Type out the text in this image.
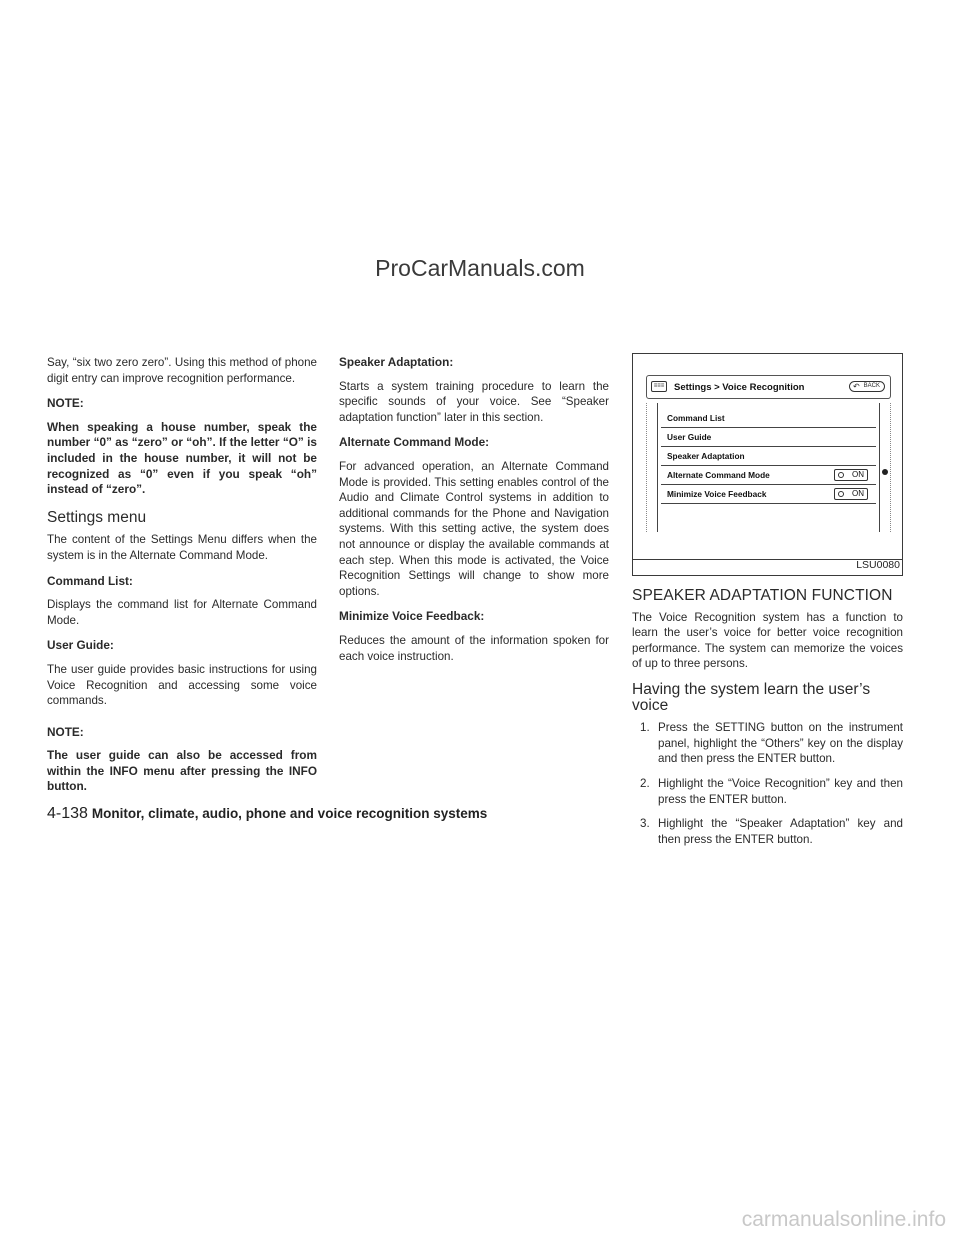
ProCarManuals.com
Say, “six two zero zero”. Using this method of phone digit entry can improve recognition performance.
NOTE:
When speaking a house number, speak the number “0” as “zero” or “oh”. If the letter “O” is included in the house number, it will not be recognized as “0” even if you speak “oh” instead of “zero”.
Settings menu
The content of the Settings Menu differs when the system is in the Alternate Command Mode.
Command List:
Displays the command list for Alternate Command Mode.
User Guide:
The user guide provides basic instructions for using Voice Recognition and accessing some voice commands.
NOTE:
The user guide can also be accessed from within the INFO menu after pressing the INFO button.
Speaker Adaptation:
Starts a system training procedure to learn the specific sounds of your voice. See “Speaker adaptation function” later in this section.
Alternate Command Mode:
For advanced operation, an Alternate Command Mode is provided. This setting enables control of the Audio and Climate Control systems in addition to additional commands for the Phone and Navigation systems. With this setting active, the system does not announce or display the available commands at each step. When this mode is activated, the Voice Recognition Settings will change to show more options.
Minimize Voice Feedback:
Reduces the amount of the information spoken for each voice instruction.
≡≡≡ Settings > Voice Recognition	↶ BACK
Command List
User Guide
Speaker Adaptation
Alternate Command Mode	ON
Minimize Voice Feedback	ON
LSU0080
SPEAKER ADAPTATION FUNCTION
The Voice Recognition system has a function to learn the user’s voice for better voice recognition performance. The system can memorize the voices of up to three persons.
Having the system learn the user’s voice
1. Press the SETTING button on the instrument panel, highlight the “Others” key on the display and then press the ENTER button.
2. Highlight the “Voice Recognition” key and then press the ENTER button.
3. Highlight the “Speaker Adaptation” key and then press the ENTER button.
4-138 Monitor, climate, audio, phone and voice recognition systems
carmanualsonline.info
